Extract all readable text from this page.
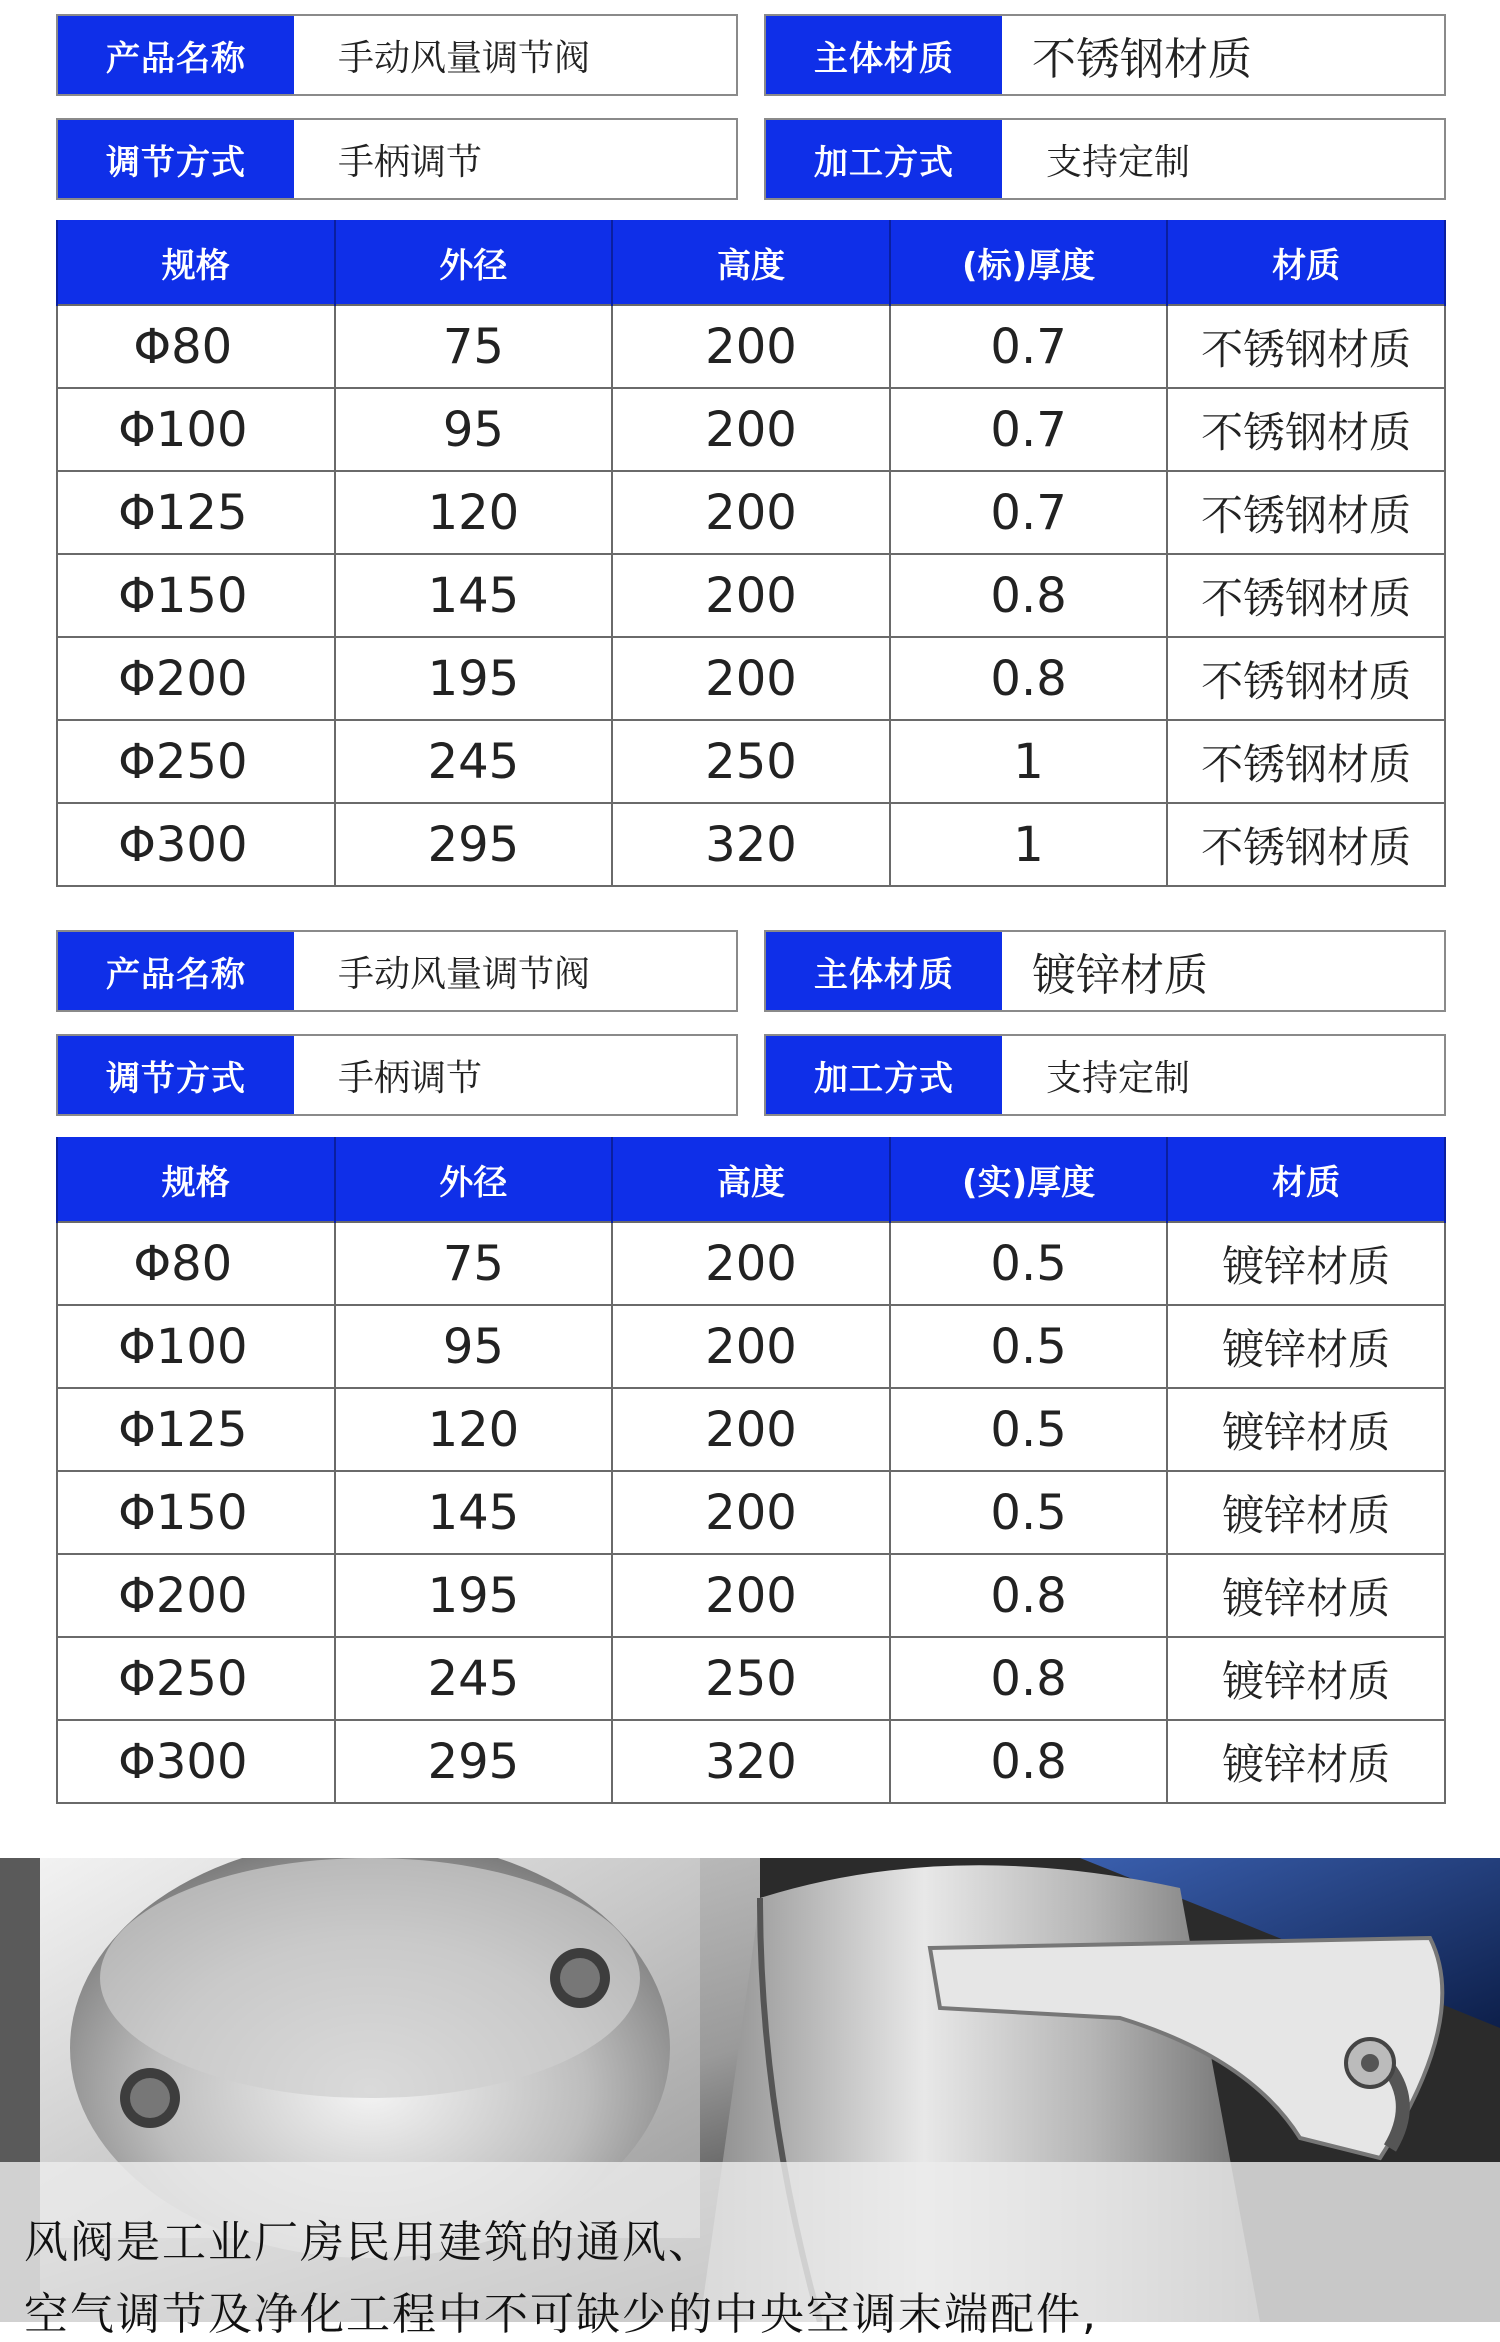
产品名称	手动风量调节阀	主体材质	不锈钢材质
调节方式	手柄调节	加工方式	支持定制
规格	外径	高度	(标)厚度	材质
Φ80	75	200	0.7	不锈钢材质
Φ100	95	200	0.7	不锈钢材质
Φ125	120	200	0.7	不锈钢材质
Φ150	145	200	0.8	不锈钢材质
Φ200	195	200	0.8	不锈钢材质
Φ250	245	250	1	不锈钢材质
Φ300	295	320	1	不锈钢材质
产品名称	手动风量调节阀	主体材质	镀锌材质
调节方式	手柄调节	加工方式	支持定制
规格	外径	高度	(实)厚度	材质
Φ80	75	200	0.5	镀锌材质
Φ100	95	200	0.5	镀锌材质
Φ125	120	200	0.5	镀锌材质
Φ150	145	200	0.5	镀锌材质
Φ200	195	200	0.8	镀锌材质
Φ250	245	250	0.8	镀锌材质
Φ300	295	320	0.8	镀锌材质
风阀是工业厂房民用建筑的通风、
空气调节及净化工程中不可缺少的中央空调末端配件,
